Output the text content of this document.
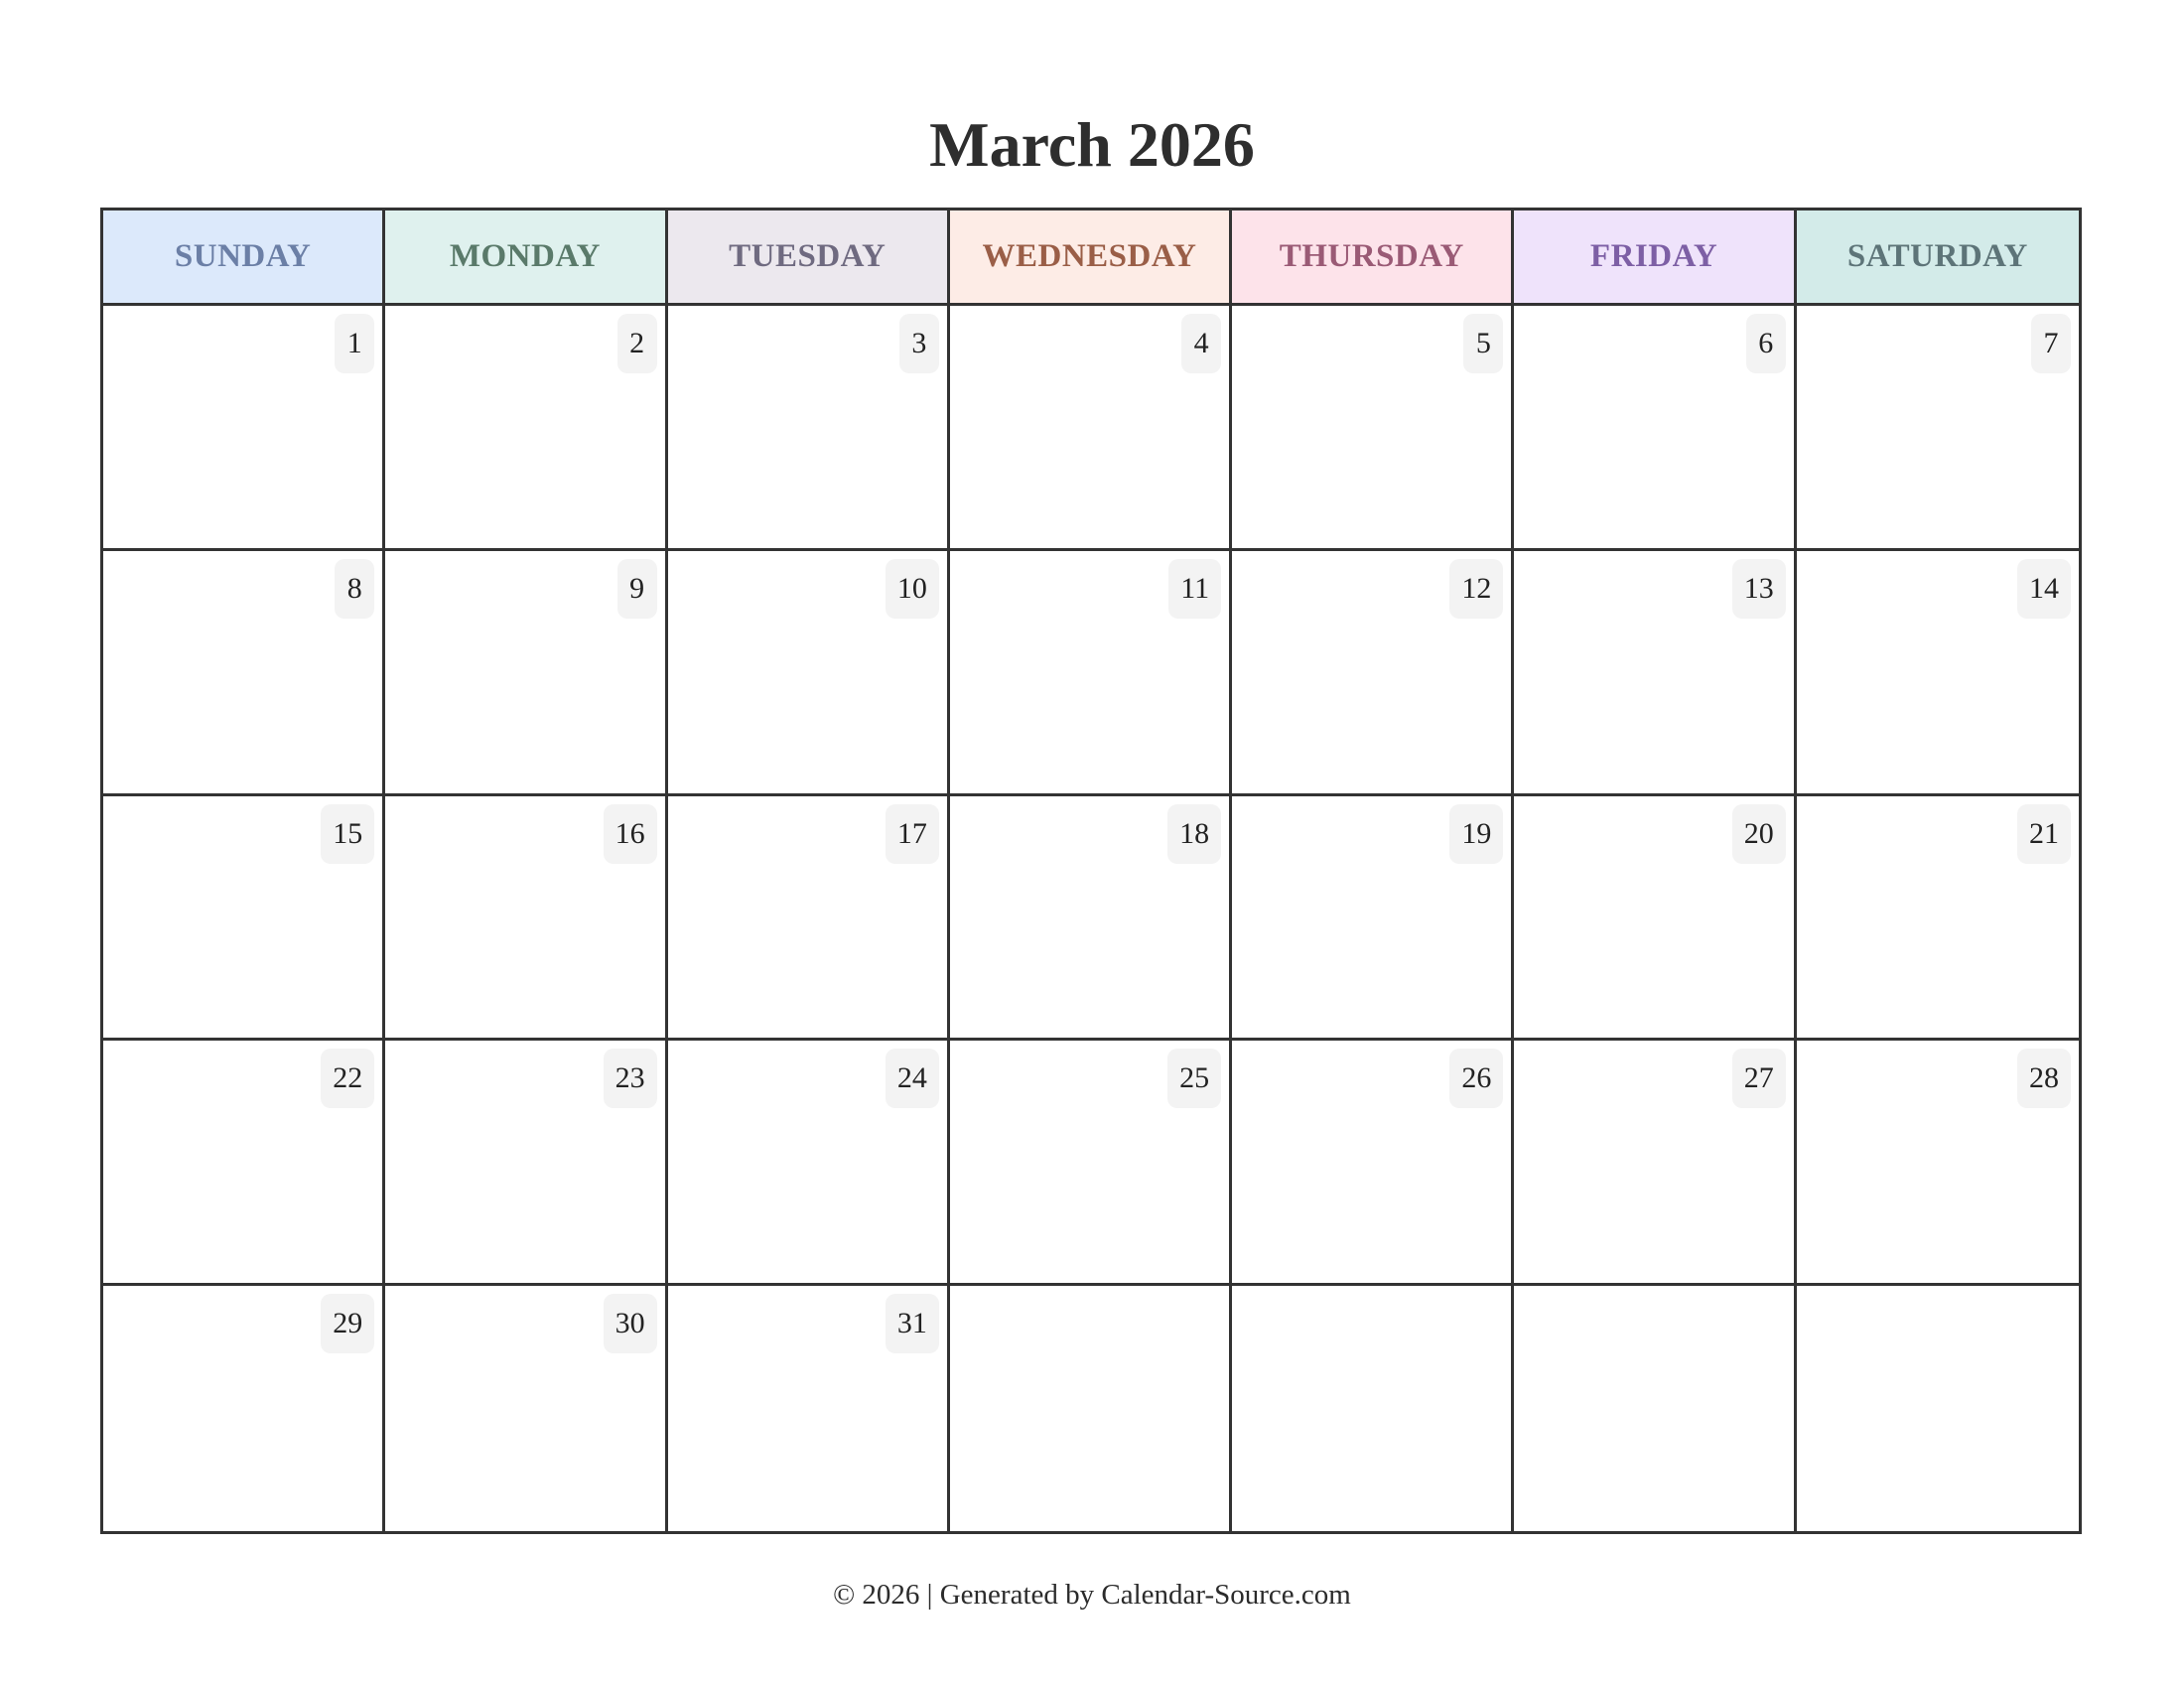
March 2026
SUNDAY	MONDAY	TUESDAY	WEDNESDAY	THURSDAY	FRIDAY	SATURDAY
1	2	3	4	5	6	7
8	9	10	11	12	13	14
15	16	17	18	19	20	21
22	23	24	25	26	27	28
29	30	31
© 2026 | Generated by Calendar-Source.com
